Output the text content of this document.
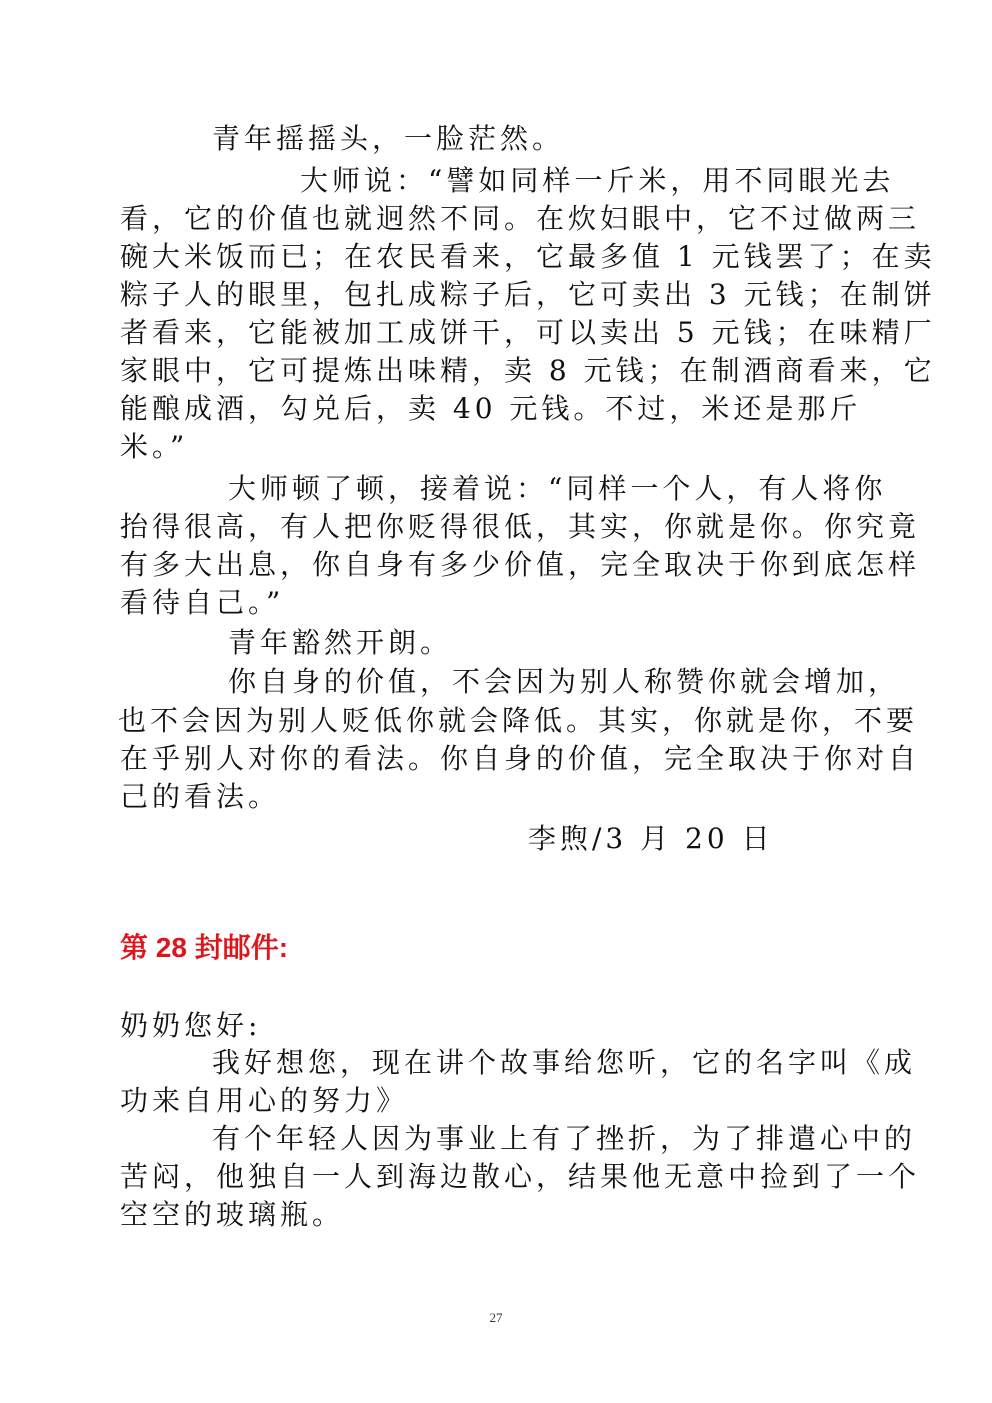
青年摇摇头，一脸茫然。

大师说：“譬如同样一斤米，用不同眼光去

看，它的价值也就迥然不同。在炊妇眼中，它不过做两三

碗大米饭而已；在农民看来，它最多值 1 元钱罢了；在卖

粽子人的眼里，包扎成粽子后，它可卖出 3 元钱；在制饼

者看来，它能被加工成饼干，可以卖出 5 元钱；在味精厂

家眼中，它可提炼出味精，卖 8 元钱；在制酒商看来，它

能酿成酒，勾兑后，卖 40 元钱。不过，米还是那斤

米。”

大师顿了顿，接着说：“同样一个人，有人将你

抬得很高，有人把你贬得很低，其实，你就是你。你究竟

有多大出息，你自身有多少价值，完全取决于你到底怎样

看待自己。”

青年豁然开朗。

你自身的价值，不会因为别人称赞你就会增加，

也不会因为别人贬低你就会降低。其实，你就是你，不要

在乎别人对你的看法。你自身的价值，完全取决于你对自

己的看法。

李煦/3 月 20 日

第 28 封邮件:

奶奶您好:

我好想您，现在讲个故事给您听，它的名字叫《成

功来自用心的努力》

有个年轻人因为事业上有了挫折，为了排遣心中的

苦闷，他独自一人到海边散心，结果他无意中捡到了一个

空空的玻璃瓶。

27
